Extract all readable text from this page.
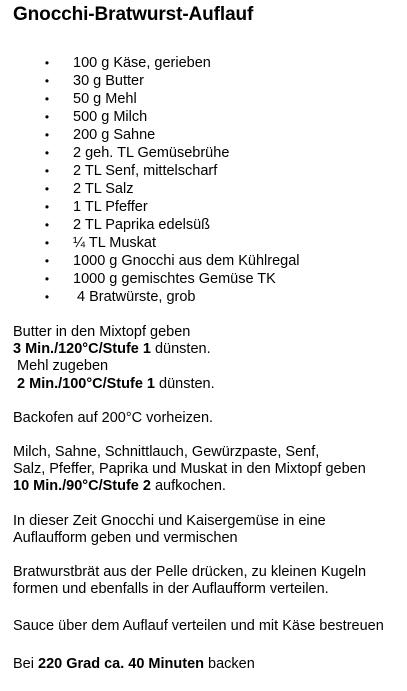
Gnocchi-Bratwurst-Auflauf
• 100 g Käse, gerieben
• 30 g Butter
• 50 g Mehl
• 500 g Milch
• 200 g Sahne
• 2 geh. TL Gemüsebrühe
• 2 TL Senf, mittelscharf
• 2 TL Salz
• 1 TL Pfeffer
• 2 TL Paprika edelsüß
• ¼ TL Muskat
• 1000 g Gnocchi aus dem Kühlregal
• 1000 g gemischtes Gemüse TK
• 4 Bratwürste, grob

Butter in den Mixtopf geben

3 Min./120°C/Stufe 1 dünsten.

Mehl zugeben

2 Min./100°C/Stufe 1 dünsten.

Backofen auf 200°C vorheizen.

Milch, Sahne, Schnittlauch, Gewürzpaste, Senf,

Salz, Pfeffer, Paprika und Muskat in den Mixtopf geben

10 Min./90°C/Stufe 2 aufkochen.

In dieser Zeit Gnocchi und Kaisergemüse in eine

Auflaufform geben und vermischen

Bratwurstbrät aus der Pelle drücken, zu kleinen Kugeln

formen und ebenfalls in der Auflaufform verteilen.

Sauce über dem Auflauf verteilen und mit Käse bestreuen

Bei 220 Grad ca. 40 Minuten backen
